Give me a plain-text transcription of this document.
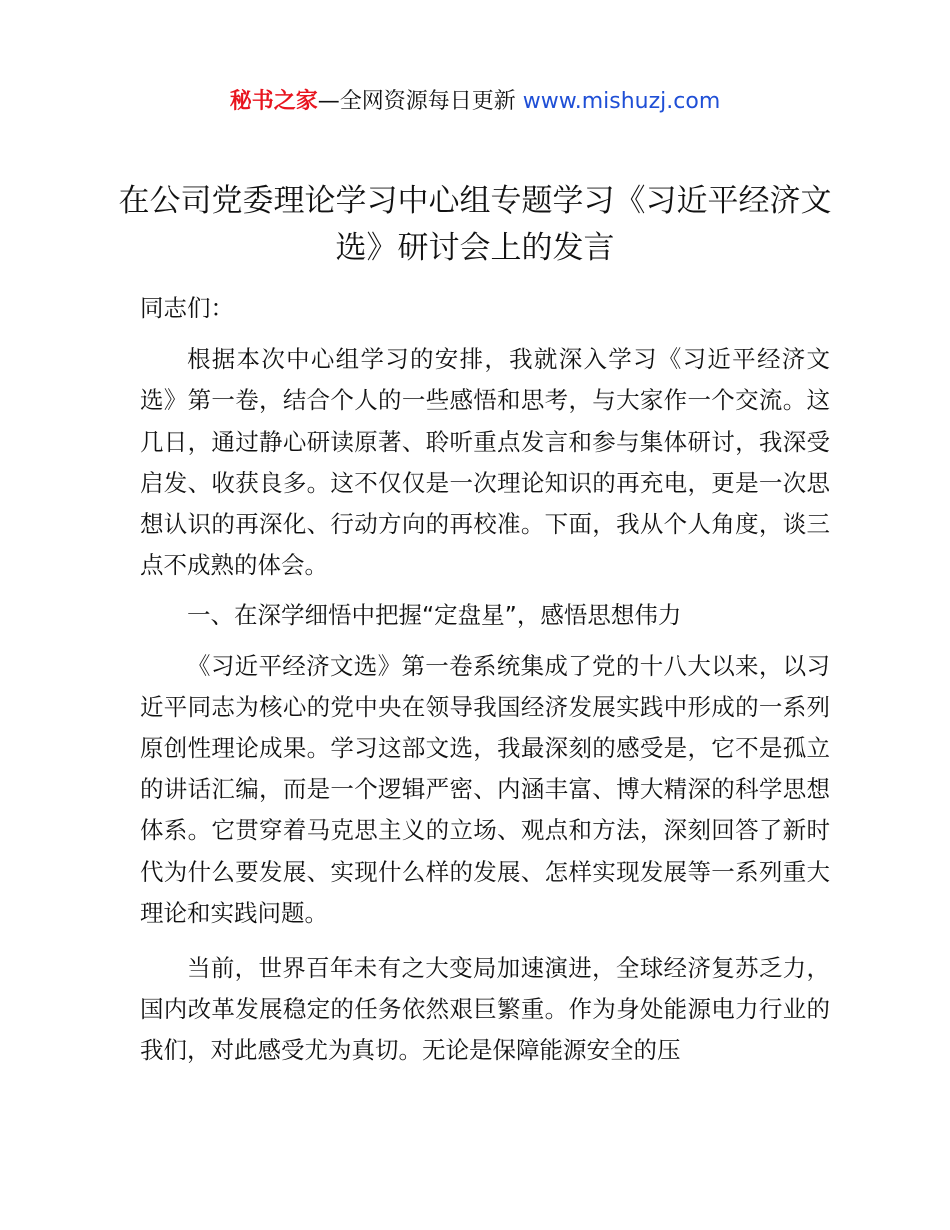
秘书之家—全网资源每日更新 www.mishuzj.com
在公司党委理论学习中心组专题学习《习近平经济文选》研讨会上的发言

同志们：

根据本次中心组学习的安排，我就深入学习《习近平经济文选》第一卷，结合个人的一些感悟和思考，与大家作一个交流。这几日，通过静心研读原著、聆听重点发言和参与集体研讨，我深受启发、收获良多。这不仅仅是一次理论知识的再充电，更是一次思想认识的再深化、行动方向的再校准。下面，我从个人角度，谈三点不成熟的体会。

一、在深学细悟中把握“定盘星”，感悟思想伟力

《习近平经济文选》第一卷系统集成了党的十八大以来，以习近平同志为核心的党中央在领导我国经济发展实践中形成的一系列原创性理论成果。学习这部文选，我最深刻的感受是，它不是孤立的讲话汇编，而是一个逻辑严密、内涵丰富、博大精深的科学思想体系。它贯穿着马克思主义的立场、观点和方法，深刻回答了新时代为什么要发展、实现什么样的发展、怎样实现发展等一系列重大理论和实践问题。

当前，世界百年未有之大变局加速演进，全球经济复苏乏力，国内改革发展稳定的任务依然艰巨繁重。作为身处能源电力行业的我们，对此感受尤为真切。无论是保障能源安全的压
